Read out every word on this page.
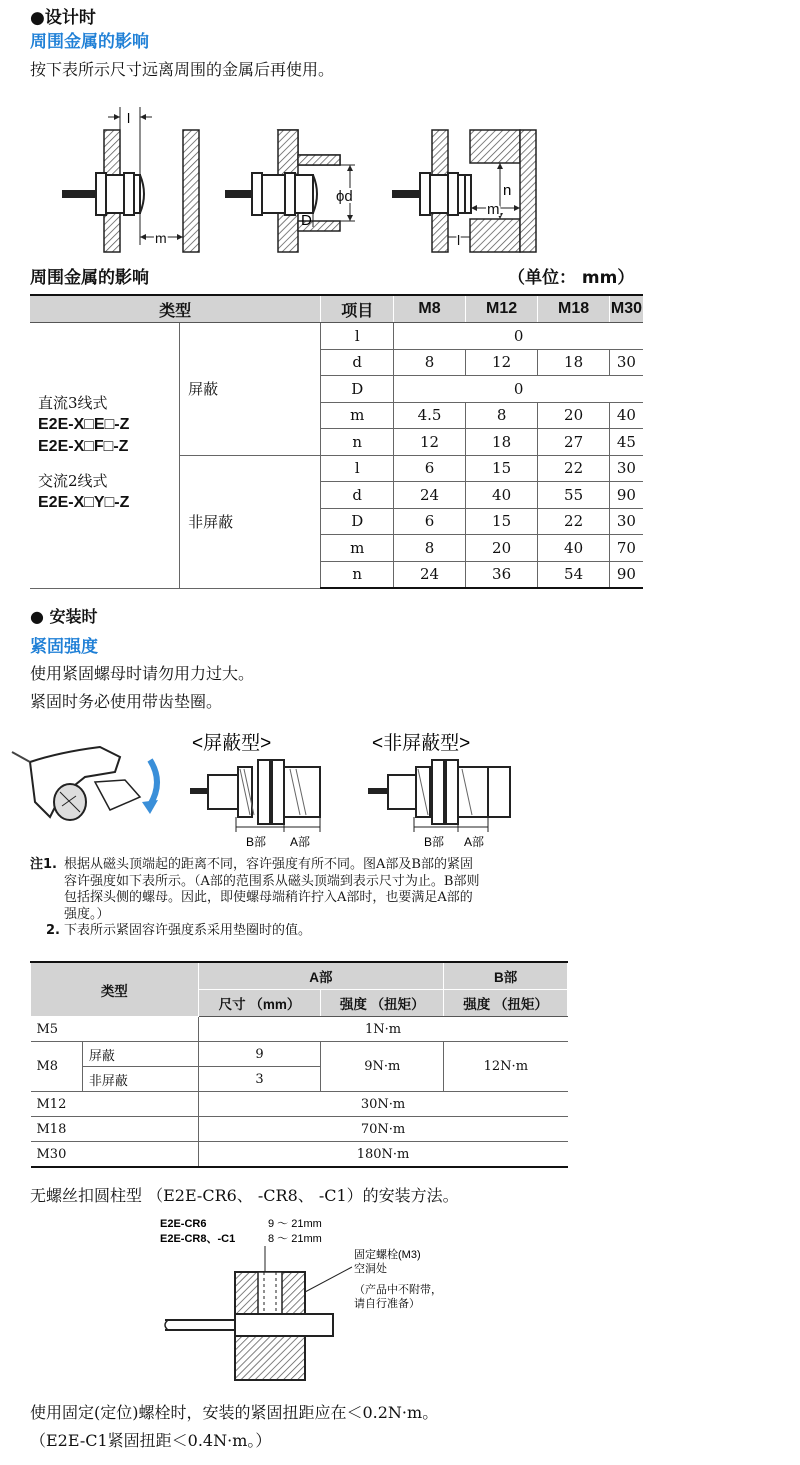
●设计时
周围金属的影响
按下表所示尺寸远离周围的金属后再使用。
l
m
ϕd
D
n
m
l
周围金属的影响	（单位： mm）
类型		项目	M8	M12	M18	M30

直流3线式
E2E-X□E□-Z
E2E-X□F□-Z
交流2线式
E2E-X□Y□-Z	屏蔽	l	0			
		d	8	12	18	30
		D	0			
		m	4.5	8	20	40
		n	12	18	27	45
	非屏蔽	l	6	15	22	30
		d	24	40	55	90
		D	6	15	22	30
		m	8	20	40	70
		n	24	36	54	90
● 安装时
紧固强度
使用紧固螺母时请勿用力过大。
紧固时务必使用带齿垫圈。
<屏蔽型>
B部 A部
<非屏蔽型>
B部 A部
注1. 根据从磁头顶端起的距离不同，容许强度有所不同。图A部及B部的紧固
容许强度如下表所示。（A部的范围系从磁头顶端到表示尺寸为止。B部则
包括探头侧的螺母。因此，即使螺母端稍许拧入A部时，也要满足A部的
强度。）
2. 下表所示紧固容许强度系采用垫圈时的值。
类型		A部		B部
		尺寸 （mm）	强度 （扭矩）	强度 （扭矩）
M5		1N·m		
M8	屏蔽	9	9N·m	12N·m
	非屏蔽	3		
M12		30N·m		
M18		70N·m		
M30		180N·m		
无螺丝扣圆柱型 （E2E-CR6、 -CR8、 -C1）的安装方法。
E2E-CR6	9 ～ 21mm
E2E-CR8、-C1	8 ～ 21mm
固定螺栓(M3)
空洞处
（产品中不附带，
请自行准备）
使用固定(定位)螺栓时，安装的紧固扭距应在＜0.2N·m。
（E2E-C1紧固扭距＜0.4N·m。）
